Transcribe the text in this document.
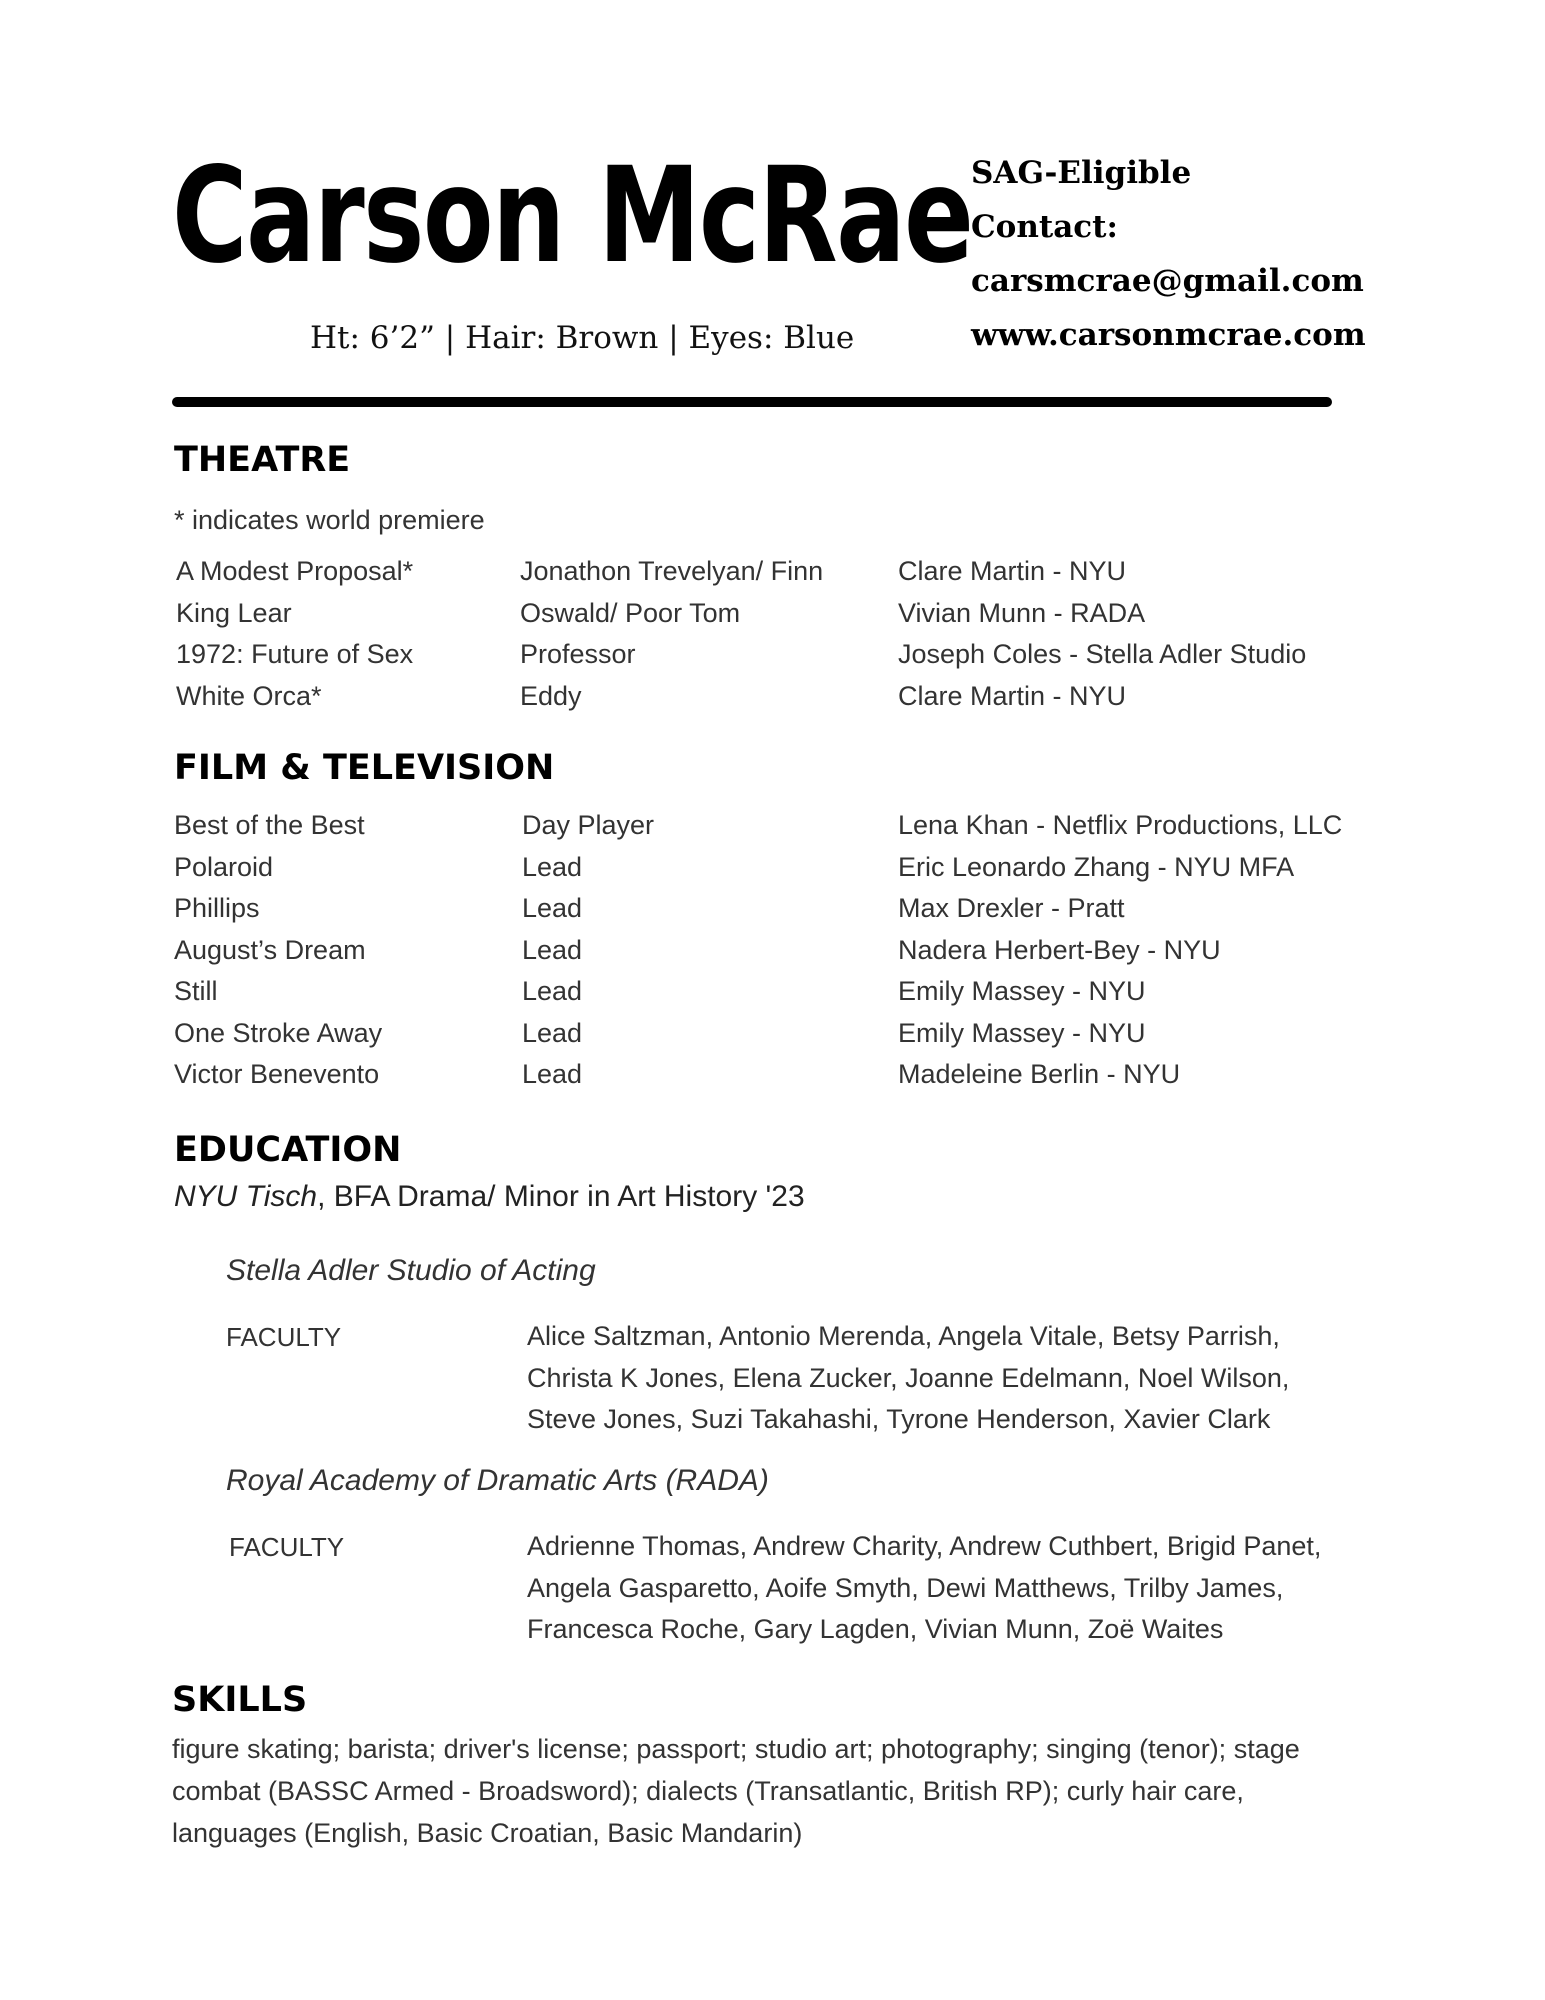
Carson McRae
Ht: 6’2” | Hair: Brown | Eyes: Blue
SAG-Eligible
Contact:
carsmcrae@gmail.com
www.carsonmcrae.com
THEATRE
* indicates world premiere
A Modest Proposal*	Jonathon Trevelyan/ Finn	Clare Martin - NYU
King Lear	Oswald/ Poor Tom	Vivian Munn - RADA
1972: Future of Sex	Professor	Joseph Coles - Stella Adler Studio
White Orca*	Eddy	Clare Martin - NYU
FILM & TELEVISION
Best of the Best	Day Player	Lena Khan - Netflix Productions, LLC
Polaroid	Lead	Eric Leonardo Zhang - NYU MFA
Phillips	Lead	Max Drexler - Pratt
August’s Dream	Lead	Nadera Herbert-Bey - NYU
Still	Lead	Emily Massey - NYU
One Stroke Away	Lead	Emily Massey - NYU
Victor Benevento	Lead	Madeleine Berlin - NYU
EDUCATION
NYU Tisch, BFA Drama/ Minor in Art History '23
Stella Adler Studio of Acting
FACULTY	Alice Saltzman, Antonio Merenda, Angela Vitale, Betsy Parrish, Christa K Jones, Elena Zucker, Joanne Edelmann, Noel Wilson, Steve Jones, Suzi Takahashi, Tyrone Henderson, Xavier Clark
Royal Academy of Dramatic Arts (RADA)
FACULTY	Adrienne Thomas, Andrew Charity, Andrew Cuthbert, Brigid Panet, Angela Gasparetto, Aoife Smyth, Dewi Matthews, Trilby James, Francesca Roche, Gary Lagden, Vivian Munn, Zoë Waites
SKILLS
figure skating; barista; driver's license; passport; studio art; photography; singing (tenor); stage combat (BASSC Armed - Broadsword); dialects (Transatlantic, British RP); curly hair care, languages (English, Basic Croatian, Basic Mandarin)
